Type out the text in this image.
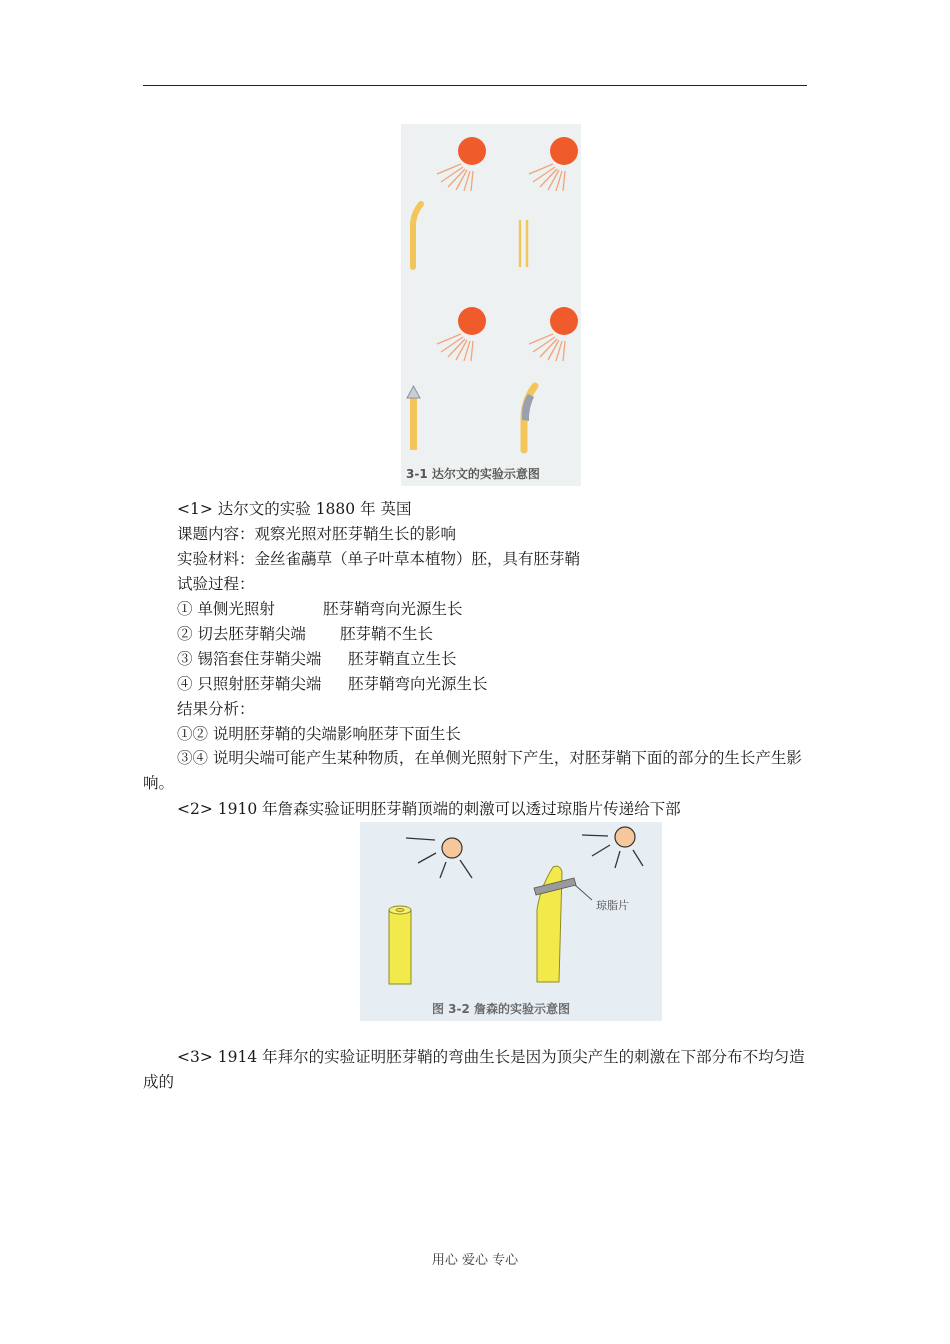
3-1 达尔文的实验示意图
<1> 达尔文的实验 1880 年 英国
课题内容：观察光照对胚芽鞘生长的影响
实验材料：金丝雀虉草（单子叶草本植物）胚，具有胚芽鞘
试验过程：
① 单侧光照射	胚芽鞘弯向光源生长
② 切去胚芽鞘尖端 胚芽鞘不生长
③ 锡箔套住芽鞘尖端 胚芽鞘直立生长
④ 只照射胚芽鞘尖端 胚芽鞘弯向光源生长
结果分析：
①② 说明胚芽鞘的尖端影响胚芽下面生长
③④ 说明尖端可能产生某种物质，在单侧光照射下产生，对胚芽鞘下面的部分的生长产生影响。
<2> 1910 年詹森实验证明胚芽鞘顶端的刺激可以透过琼脂片传递给下部
琼脂片
图 3-2 詹森的实验示意图
<3> 1914 年拜尔的实验证明胚芽鞘的弯曲生长是因为顶尖产生的刺激在下部分布不均匀造成的
用心 爱心 专心
